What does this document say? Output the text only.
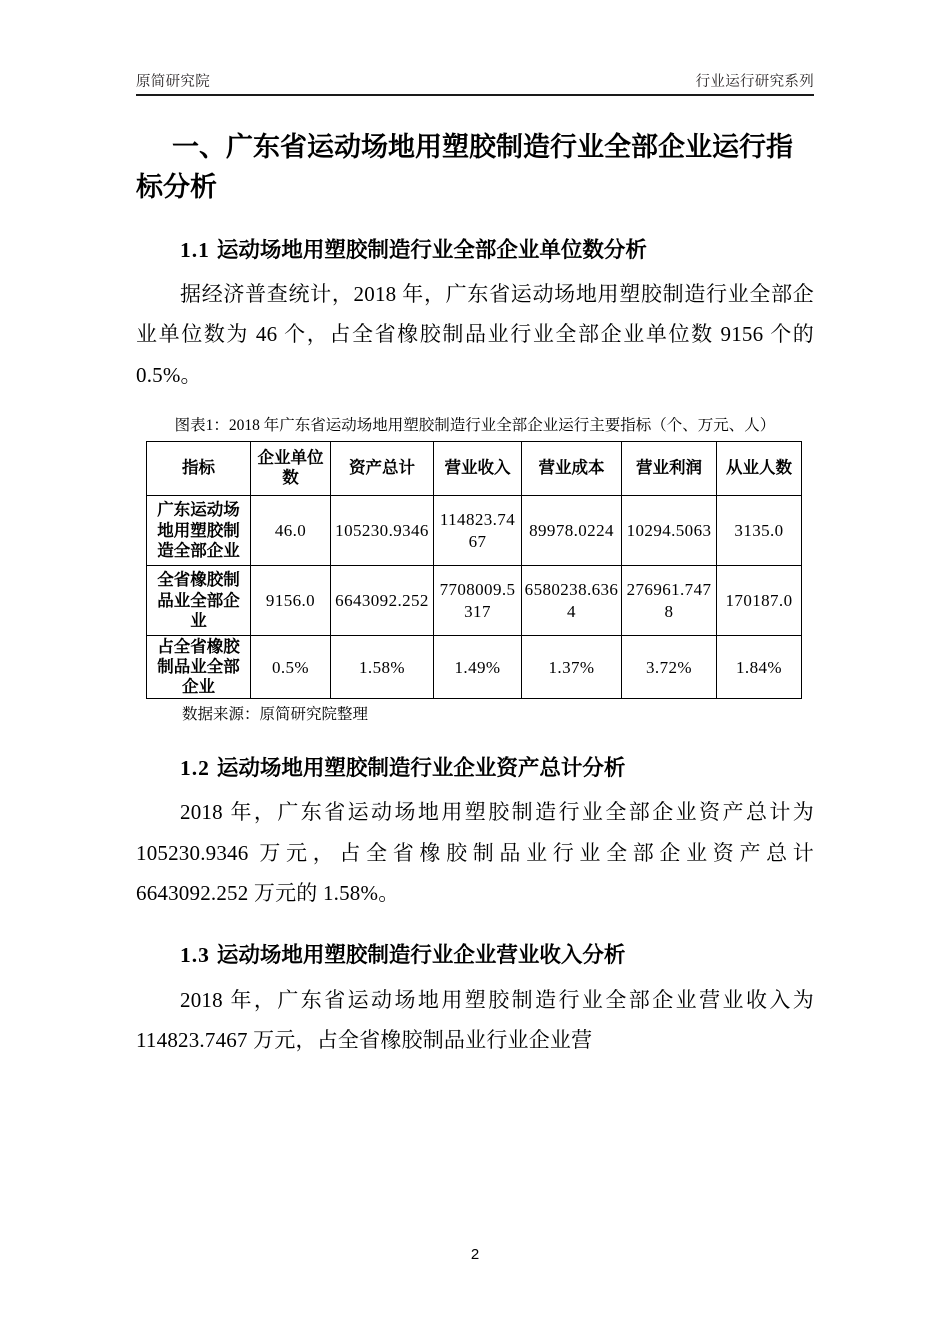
原简研究院	行业运行研究系列
一、广东省运动场地用塑胶制造行业全部企业运行指标分析
1.1 运动场地用塑胶制造行业全部企业单位数分析

据经济普查统计，2018 年，广东省运动场地用塑胶制造行业全部企业单位数为 46 个，占全省橡胶制品业行业全部企业单位数 9156 个的 0.5%。

图表1：2018 年广东省运动场地用塑胶制造行业全部企业运行主要指标（个、万元、人）
指标	企业单位数	资产总计	营业收入	营业成本	营业利润	从业人数
广东运动场地用塑胶制造全部企业	46.0	105230.9346	114823.7467	89978.0224	10294.5063	3135.0
全省橡胶制品业全部企业	9156.0	6643092.252	7708009.5317	6580238.6364	276961.7478	170187.0
占全省橡胶制品业全部企业	0.5%	1.58%	1.49%	1.37%	3.72%	1.84%
数据来源：原简研究院整理
1.2 运动场地用塑胶制造行业企业资产总计分析

2018 年，广东省运动场地用塑胶制造行业全部企业资产总计为 105230.9346 万元，占全省橡胶制品业行业全部企业资产总计 6643092.252 万元的 1.58%。

1.3 运动场地用塑胶制造行业企业营业收入分析

2018 年，广东省运动场地用塑胶制造行业全部企业营业收入为 114823.7467 万元，占全省橡胶制品业行业企业营

2
